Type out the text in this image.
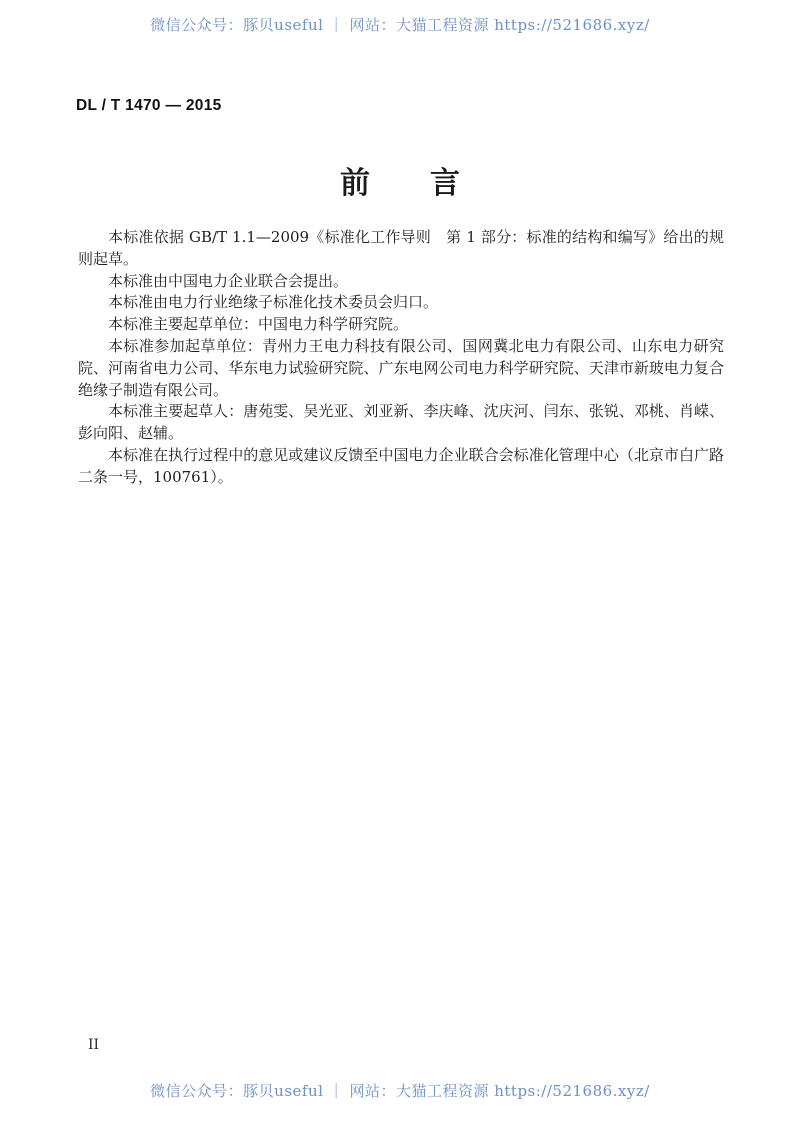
微信公众号：豚贝useful ｜ 网站：大猫工程资源 https://521686.xyz/
DL / T 1470 — 2015
前　　言

本标准依据 GB/T 1.1—2009《标准化工作导则　第 1 部分：标准的结构和编写》给出的规则起草。

本标准由中国电力企业联合会提出。

本标准由电力行业绝缘子标准化技术委员会归口。

本标准主要起草单位：中国电力科学研究院。

本标准参加起草单位：青州力王电力科技有限公司、国网冀北电力有限公司、山东电力研究院、河南省电力公司、华东电力试验研究院、广东电网公司电力科学研究院、天津市新玻电力复合绝缘子制造有限公司。

本标准主要起草人：唐苑雯、吴光亚、刘亚新、李庆峰、沈庆河、闫东、张锐、邓桃、肖嵘、彭向阳、赵辅。

本标准在执行过程中的意见或建议反馈至中国电力企业联合会标准化管理中心（北京市白广路二条一号，100761）。

II
微信公众号：豚贝useful ｜ 网站：大猫工程资源 https://521686.xyz/
